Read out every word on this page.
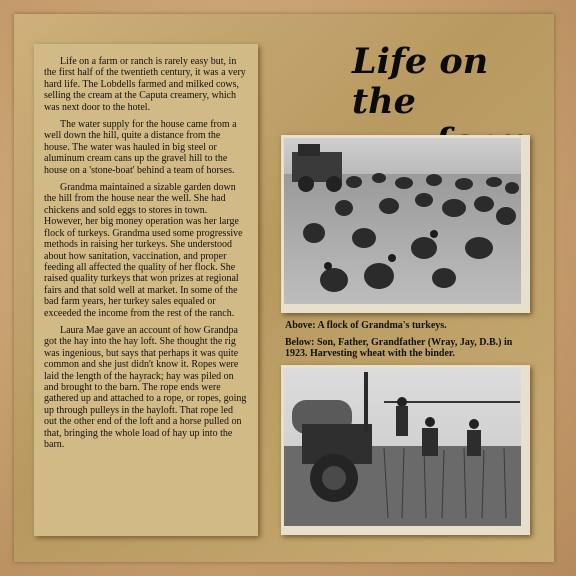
Life on a farm or ranch is rarely easy but, in the first half of the twentieth century, it was a very hard life. The Lobdells farmed and milked cows, selling the cream at the Caputa creamery, which was next door to the hotel.

The water supply for the house came from a well down the hill, quite a distance from the house. The water was hauled in big steel or aluminum cream cans up the gravel hill to the house on a 'stone-boat' behind a team of horses.

Grandma maintained a sizable garden down the hill from the house near the well. She had chickens and sold eggs to stores in town. However, her big money operation was her large flock of turkeys. Grandma used some progressive methods in raising her turkeys. She understood about how sanitation, vaccination, and proper feeding all affected the quality of her flock. She raised quality turkeys that won prizes at regional fairs and that sold well at market. In some of the bad farm years, her turkey sales equaled or exceeded the income from the rest of the ranch.

Laura Mae gave an account of how Grandpa got the hay into the hay loft. She thought the rig was ingenious, but says that perhaps it was quite common and she just didn't know it. Ropes were laid the length of the hayrack; hay was piled on and brought to the barn. The rope ends were gathered up and attached to a rope, or ropes, going up through pulleys in the hayloft. That rope led out the other end of the loft and a horse pulled on that, bringing the whole load of hay up into the barn.

Life on the
Above: A flock of Grandma's turkeys.
Below: Son, Father, Grandfather (Wray, Jay, D.B.) in 1923. Harvesting wheat with the binder.
